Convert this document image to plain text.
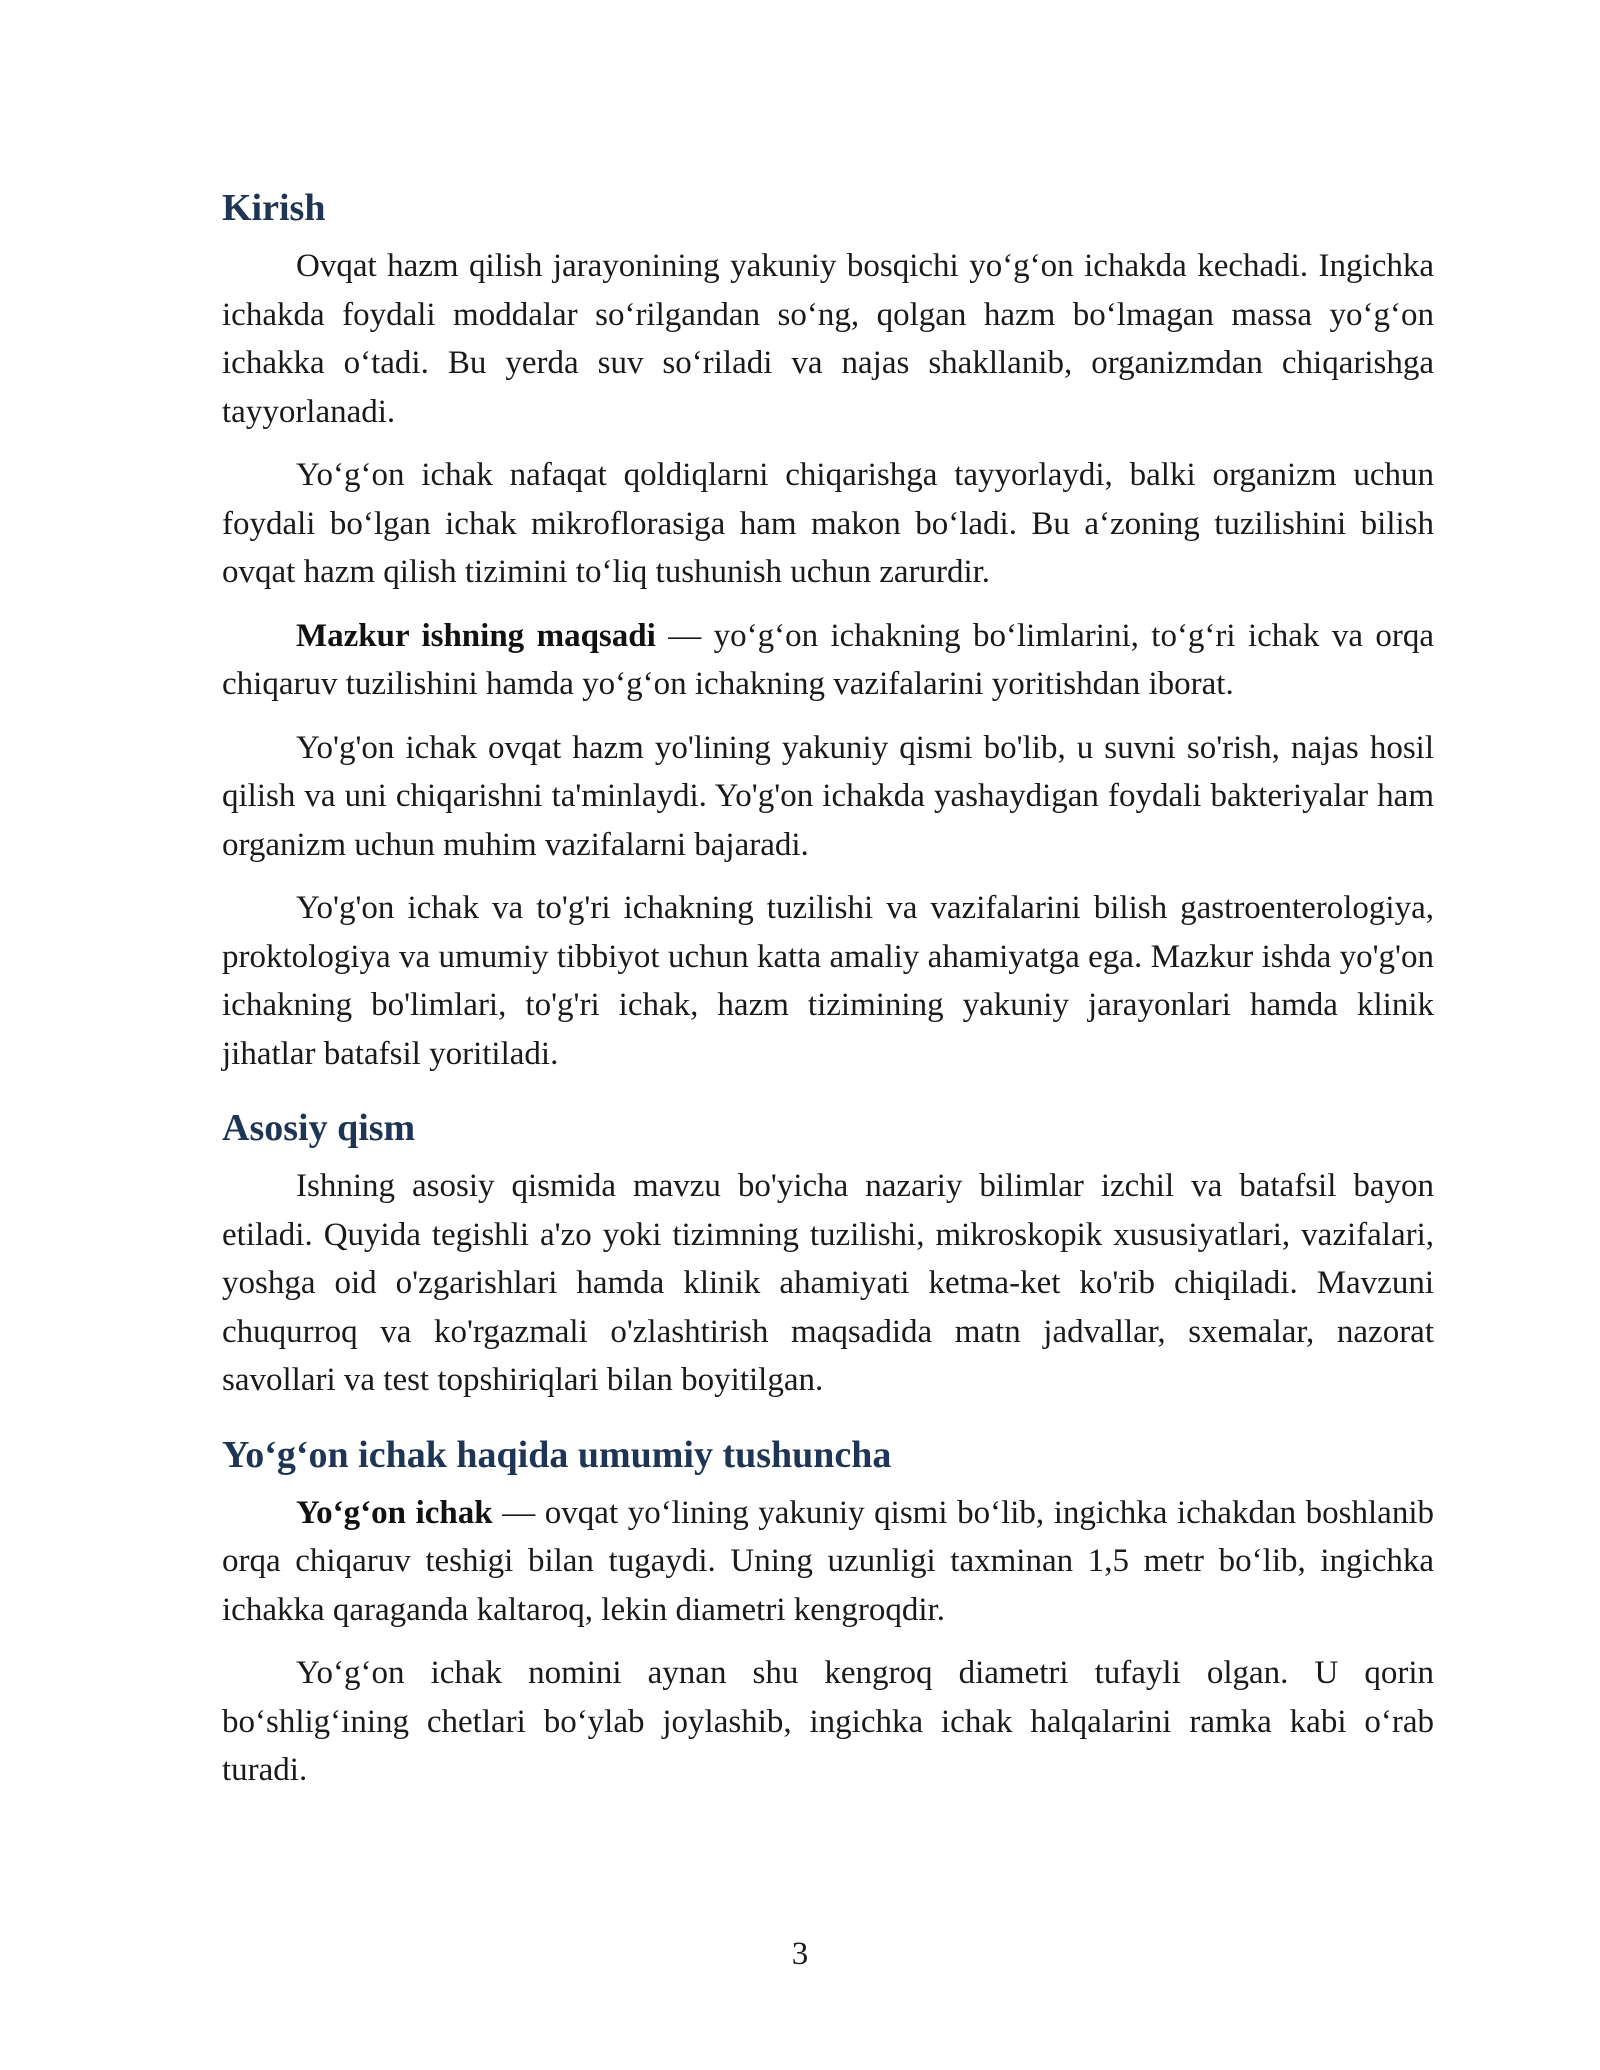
Kirish

Ovqat hazm qilish jarayonining yakuniy bosqichi yo‘g‘on ichakda kechadi. Ingichka ichakda foydali moddalar so‘rilgandan so‘ng, qolgan hazm bo‘lmagan massa yo‘g‘on ichakka o‘tadi. Bu yerda suv so‘riladi va najas shakllanib, organizmdan chiqarishga tayyorlanadi.

Yo‘g‘on ichak nafaqat qoldiqlarni chiqarishga tayyorlaydi, balki organizm uchun foydali bo‘lgan ichak mikroflorasiga ham makon bo‘ladi. Bu a‘zoning tuzilishini bilish ovqat hazm qilish tizimini to‘liq tushunish uchun zarurdir.

Mazkur ishning maqsadi — yo‘g‘on ichakning bo‘limlarini, to‘g‘ri ichak va orqa chiqaruv tuzilishini hamda yo‘g‘on ichakning vazifalarini yoritishdan iborat.

Yo'g'on ichak ovqat hazm yo'lining yakuniy qismi bo'lib, u suvni so'rish, najas hosil qilish va uni chiqarishni ta'minlaydi. Yo'g'on ichakda yashaydigan foydali bakteriyalar ham organizm uchun muhim vazifalarni bajaradi.

Yo'g'on ichak va to'g'ri ichakning tuzilishi va vazifalarini bilish gastroenterologiya, proktologiya va umumiy tibbiyot uchun katta amaliy ahamiyatga ega. Mazkur ishda yo'g'on ichakning bo'limlari, to'g'ri ichak, hazm tizimining yakuniy jarayonlari hamda klinik jihatlar batafsil yoritiladi.

Asosiy qism

Ishning asosiy qismida mavzu bo'yicha nazariy bilimlar izchil va batafsil bayon etiladi. Quyida tegishli a'zo yoki tizimning tuzilishi, mikroskopik xususiyatlari, vazifalari, yoshga oid o'zgarishlari hamda klinik ahamiyati ketma-ket ko'rib chiqiladi. Mavzuni chuqurroq va ko'rgazmali o'zlashtirish maqsadida matn jadvallar, sxemalar, nazorat savollari va test topshiriqlari bilan boyitilgan.

Yo‘g‘on ichak haqida umumiy tushuncha

Yo‘g‘on ichak — ovqat yo‘lining yakuniy qismi bo‘lib, ingichka ichakdan boshlanib orqa chiqaruv teshigi bilan tugaydi. Uning uzunligi taxminan 1,5 metr bo‘lib, ingichka ichakka qaraganda kaltaroq, lekin diametri kengroqdir.

Yo‘g‘on ichak nomini aynan shu kengroq diametri tufayli olgan. U qorin bo‘shlig‘ining chetlari bo‘ylab joylashib, ingichka ichak halqalarini ramka kabi o‘rab turadi.

3
